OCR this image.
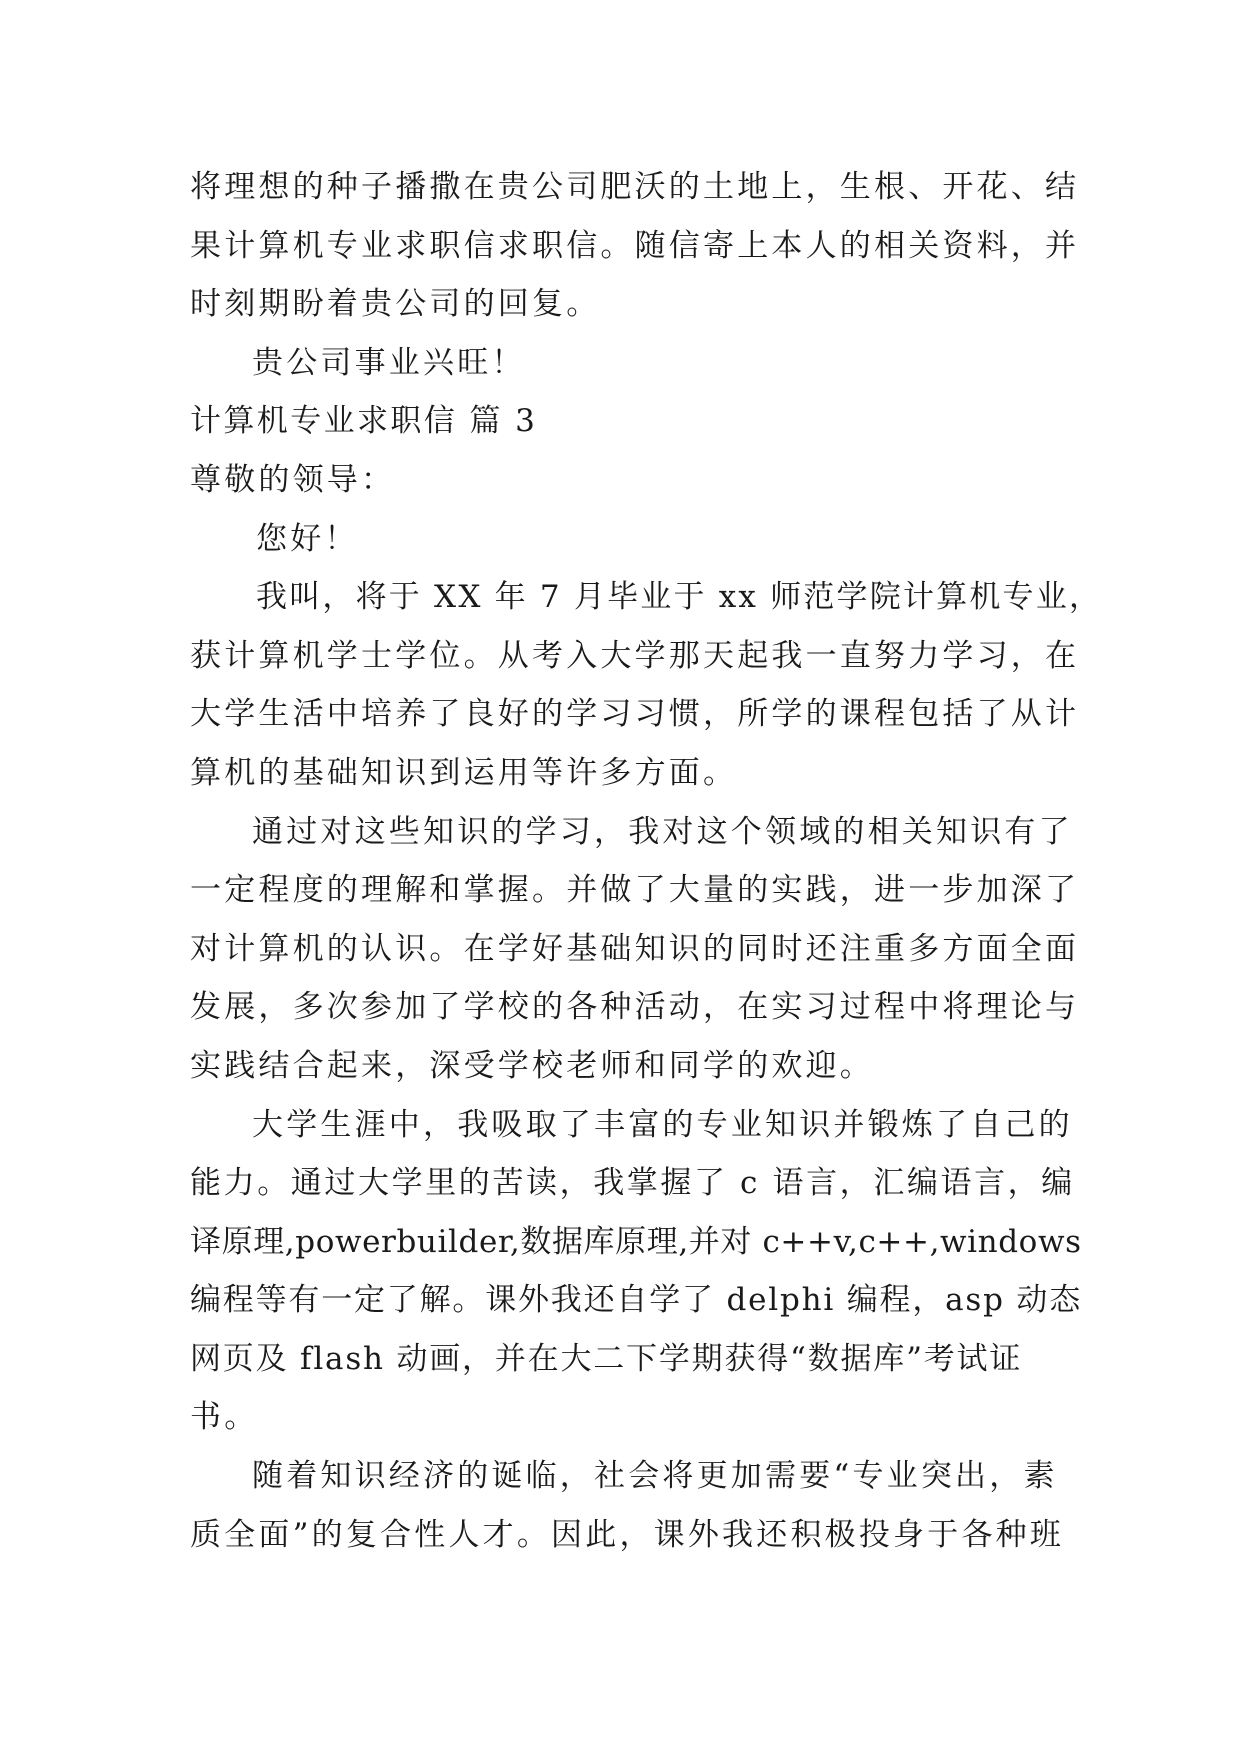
将理想的种子播撒在贵公司肥沃的土地上，生根、开花、结
果计算机专业求职信求职信。随信寄上本人的相关资料，并
时刻期盼着贵公司的回复。
贵公司事业兴旺！
计算机专业求职信 篇 3
尊敬的领导：
您好！
我叫，将于 XX 年 7 月毕业于 xx 师范学院计算机专业，
获计算机学士学位。从考入大学那天起我一直努力学习，在
大学生活中培养了良好的学习习惯，所学的课程包括了从计
算机的基础知识到运用等许多方面。
通过对这些知识的学习，我对这个领域的相关知识有了
一定程度的理解和掌握。并做了大量的实践，进一步加深了
对计算机的认识。在学好基础知识的同时还注重多方面全面
发展，多次参加了学校的各种活动，在实习过程中将理论与
实践结合起来，深受学校老师和同学的欢迎。
大学生涯中，我吸取了丰富的专业知识并锻炼了自己的
能力。通过大学里的苦读，我掌握了 c 语言，汇编语言，编
译原理,powerbuilder,数据库原理,并对 c++v,c++,windows
编程等有一定了解。课外我还自学了 delphi 编程，asp 动态
网页及 flash 动画，并在大二下学期获得“数据库”考试证
书。
随着知识经济的诞临，社会将更加需要“专业突出，素
质全面”的复合性人才。因此，课外我还积极投身于各种班
